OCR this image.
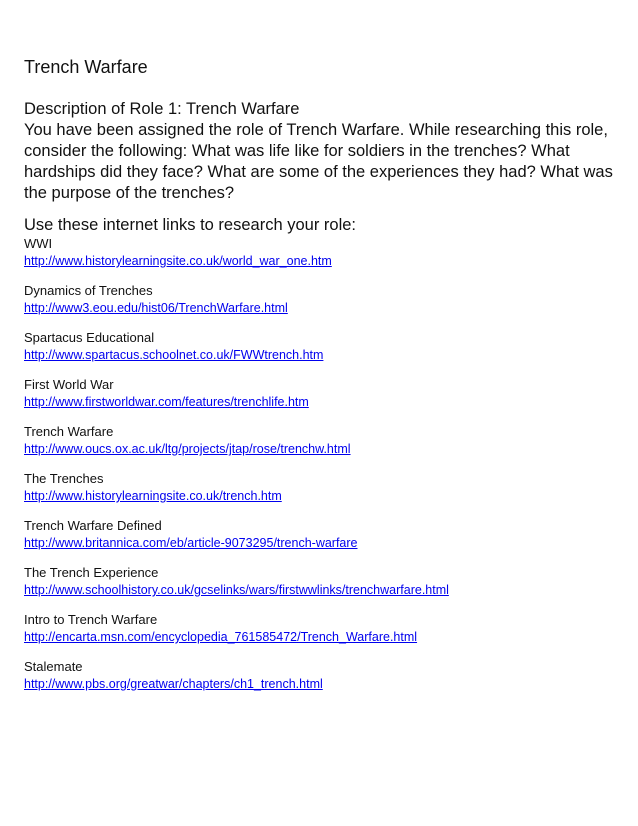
Trench Warfare

Description of Role 1: Trench Warfare

You have been assigned the role of Trench Warfare. While researching this role, consider the following: What was life like for soldiers in the trenches? What hardships did they face? What are some of the experiences they had? What was the purpose of the trenches?

Use these internet links to research your role:

WWI
http://www.historylearningsite.co.uk/world_war_one.htm
Dynamics of Trenches
http://www3.eou.edu/hist06/TrenchWarfare.html
Spartacus Educational
http://www.spartacus.schoolnet.co.uk/FWWtrench.htm
First World War
http://www.firstworldwar.com/features/trenchlife.htm
Trench Warfare
http://www.oucs.ox.ac.uk/ltg/projects/jtap/rose/trenchw.html
The Trenches
http://www.historylearningsite.co.uk/trench.htm
Trench Warfare Defined
http://www.britannica.com/eb/article-9073295/trench-warfare
The Trench Experience
http://www.schoolhistory.co.uk/gcselinks/wars/firstwwlinks/trenchwarfare.html
Intro to Trench Warfare
http://encarta.msn.com/encyclopedia_761585472/Trench_Warfare.html
Stalemate
http://www.pbs.org/greatwar/chapters/ch1_trench.html
